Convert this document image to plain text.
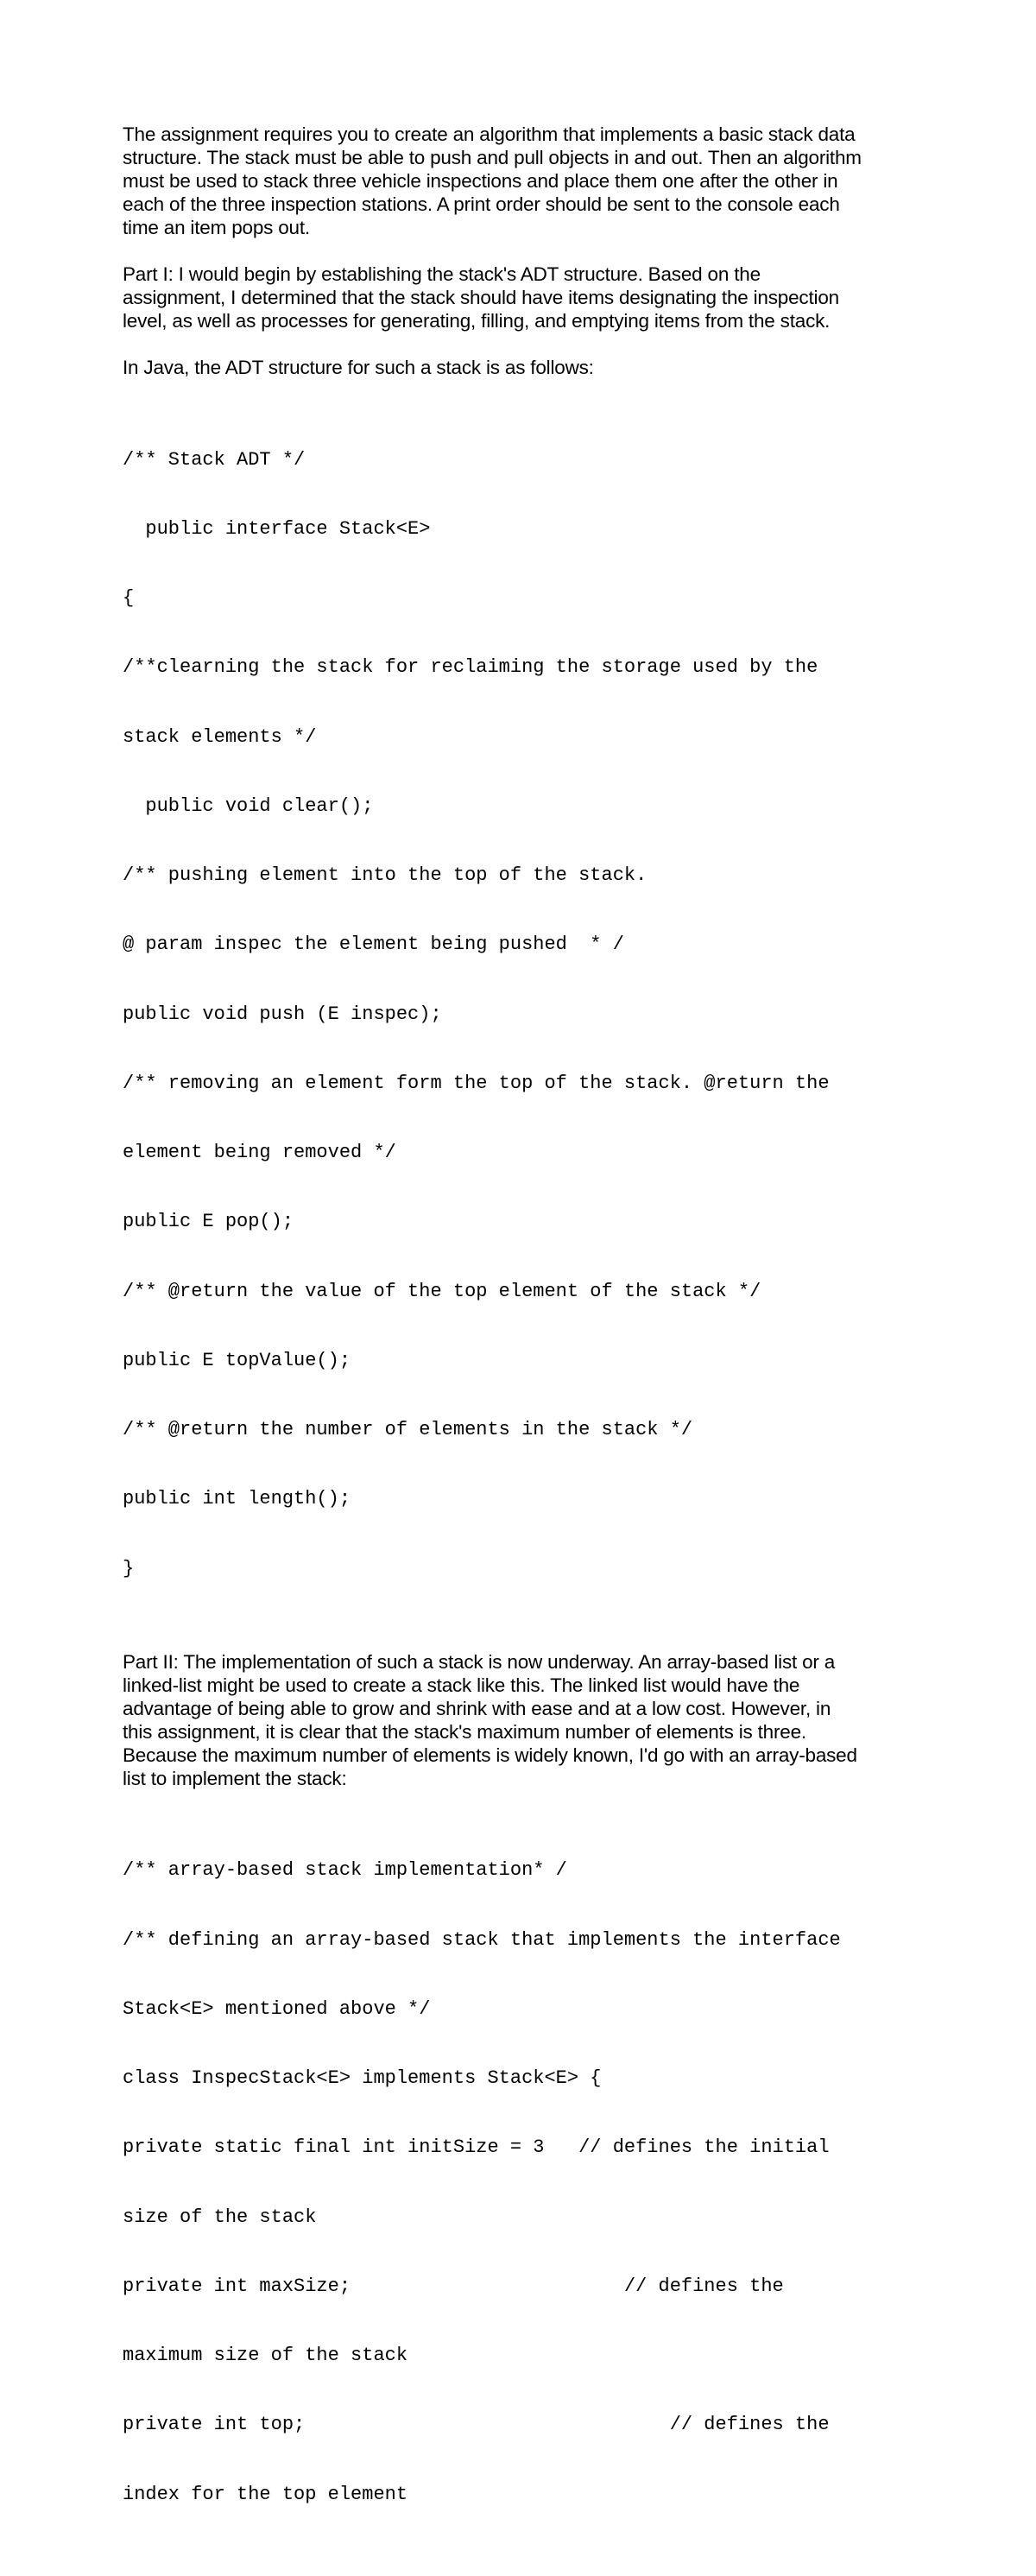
The assignment requires you to create an algorithm that implements a basic stack data
structure. The stack must be able to push and pull objects in and out. Then an algorithm
must be used to stack three vehicle inspections and place them one after the other in
each of the three inspection stations. A print order should be sent to the console each
time an item pops out.

Part I: I would begin by establishing the stack's ADT structure. Based on the
assignment, I determined that the stack should have items designating the inspection
level, as well as processes for generating, filling, and emptying items from the stack.

In Java, the ADT structure for such a stack is as follows:

/** Stack ADT */

public interface Stack<E>

{

/**clearning the stack for reclaiming the storage used by the

stack elements */

public void clear();

/** pushing element into the top of the stack.

@ param inspec the element being pushed  * /

public void push (E inspec);

/** removing an element form the top of the stack. @return the

element being removed */

public E pop();

/** @return the value of the top element of the stack */

public E topValue();

/** @return the number of elements in the stack */

public int length();

}

Part II: The implementation of such a stack is now underway. An array-based list or a
linked-list might be used to create a stack like this. The linked list would have the
advantage of being able to grow and shrink with ease and at a low cost. However, in
this assignment, it is clear that the stack's maximum number of elements is three.
Because the maximum number of elements is widely known, I'd go with an array-based
list to implement the stack:

/** array-based stack implementation* /

/** defining an array-based stack that implements the interface

Stack<E> mentioned above */

class InspecStack<E> implements Stack<E> {

private static final int initSize = 3   // defines the initial

size of the stack

private int maxSize;                        // defines the

maximum size of the stack

private int top;                                // defines the

index for the top element
